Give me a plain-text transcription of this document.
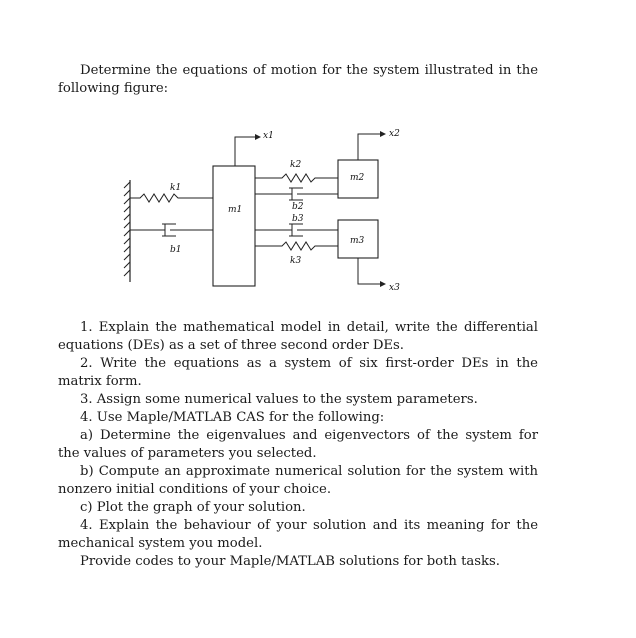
Determine the equations of motion for the system illustrated in the following figure:

x1	x2
x3
k1
b1
k2
b2
b3
k3
m1
m2
m3
1. Explain the mathematical model in detail, write the differential equations (DEs) as a set of three second order DEs.
2. Write the equations as a system of six first-order DEs in the matrix form.
3. Assign some numerical values to the system parameters.
4. Use Maple/MATLAB CAS for the following:
a) Determine the eigenvalues and eigenvectors of the system for the values of parameters you selected.
b) Compute an approximate numerical solution for the system with nonzero initial conditions of your choice.
c) Plot the graph of your solution.
4. Explain the behaviour of your solution and its meaning for the mechanical system you model.
Provide codes to your Maple/MATLAB solutions for both tasks.
